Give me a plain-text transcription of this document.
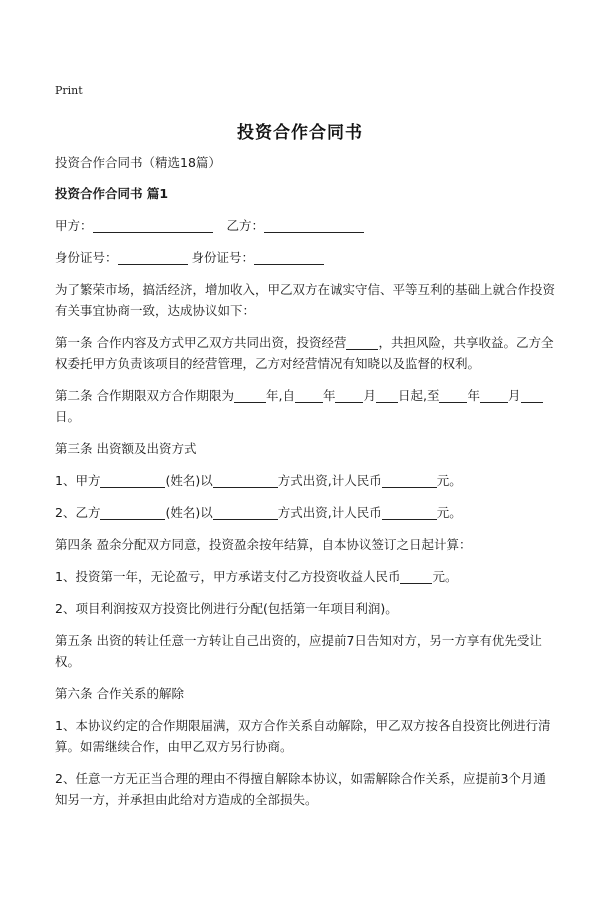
Print
投资合作合同书

投资合作合同书（精选18篇）

投资合作合同书 篇1

甲方：	乙方：

身份证号：	身份证号：

为了繁荣市场，搞活经济，增加收入，甲乙双方在诚实守信、平等互利的基础上就合作投资有关事宜协商一致，达成协议如下：

第一条 合作内容及方式甲乙双方共同出资，投资经营	，共担风险，共享收益。乙方全权委托甲方负责该项目的经营管理，乙方对经营情况有知晓以及监督的权利。

第二条 合作期限双方合作期限为	年,自 年 月 日起,至 年 月日。

第三条 出资额及出资方式

1、甲方	(姓名)以	方式出资,计人民币	元。

2、乙方	(姓名)以	方式出资,计人民币	元。

第四条 盈余分配双方同意，投资盈余按年结算，自本协议签订之日起计算：

1、投资第一年，无论盈亏，甲方承诺支付乙方投资收益人民币	元。

2、项目利润按双方投资比例进行分配(包括第一年项目利润)。

第五条 出资的转让任意一方转让自己出资的，应提前7日告知对方，另一方享有优先受让权。

第六条 合作关系的解除

1、本协议约定的合作期限届满，双方合作关系自动解除，甲乙双方按各自投资比例进行清算。如需继续合作，由甲乙双方另行协商。

2、任意一方无正当合理的理由不得擅自解除本协议，如需解除合作关系，应提前3个月通知另一方，并承担由此给对方造成的全部损失。
